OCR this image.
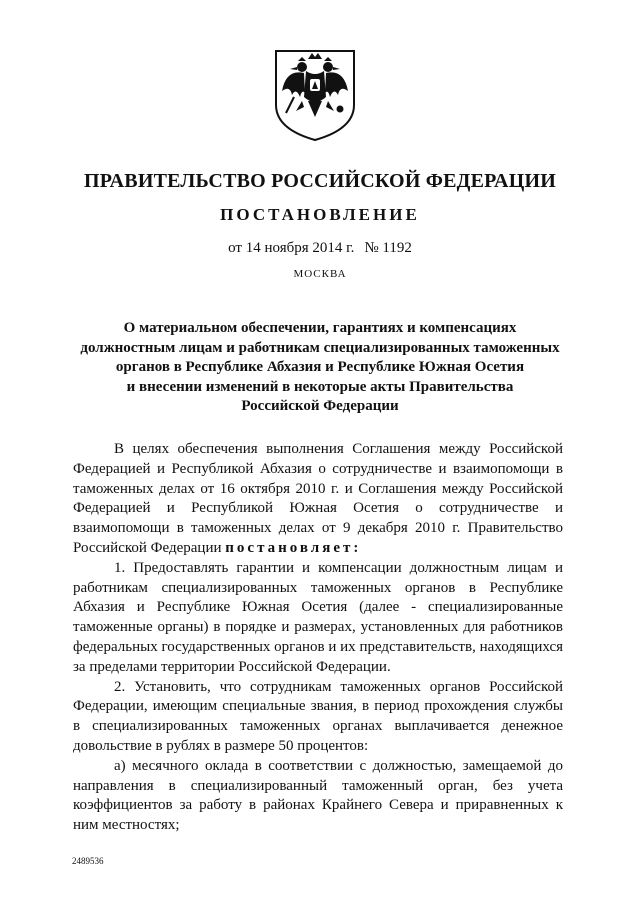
ПРАВИТЕЛЬСТВО РОССИЙСКОЙ ФЕДЕРАЦИИ
ПОСТАНОВЛЕНИЕ

от 14 ноября 2014 г. № 1192

МОСКВА

О материальном обеспечении, гарантиях и компенсациях
должностным лицам и работникам специализированных таможенных
органов в Республике Абхазия и Республике Южная Осетия
и внесении изменений в некоторые акты Правительства
Российской Федерации

В целях обеспечения выполнения Соглашения между Российской Федерацией и Республикой Абхазия о сотрудничестве и взаимопомощи в таможенных делах от 16 октября 2010 г. и Соглашения между Российской Федерацией и Республикой Южная Осетия о сотрудничестве и взаимопомощи в таможенных делах от 9 декабря 2010 г. Правительство Российской Федерации постановляет:

1. Предоставлять гарантии и компенсации должностным лицам и работникам специализированных таможенных органов в Республике Абхазия и Республике Южная Осетия (далее - специализированные таможенные органы) в порядке и размерах, установленных для работников федеральных государственных органов и их представительств, находящихся за пределами территории Российской Федерации.

2. Установить, что сотрудникам таможенных органов Российской Федерации, имеющим специальные звания, в период прохождения службы в специализированных таможенных органах выплачивается денежное довольствие в рублях в размере 50 процентов:

а) месячного оклада в соответствии с должностью, замещаемой до направления в специализированный таможенный орган, без учета коэффициентов за работу в районах Крайнего Севера и приравненных к ним местностях;

2489536
